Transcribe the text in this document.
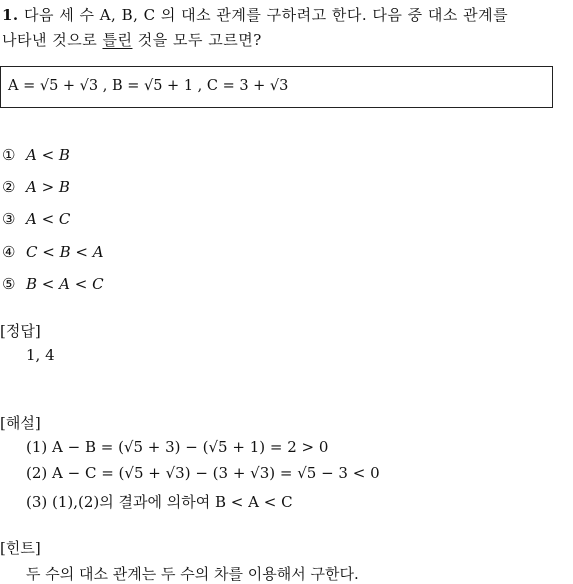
1. 다음 세 수 A, B, C 의 대소 관계를 구하려고 한다. 다음 중 대소 관계를
나타낸 것으로 틀린 것을 모두 고르면?
A = √5 + √3 , B = √5 + 1 , C = 3 + √3
① A < B
② A > B
③ A < C
④ C < B < A
⑤ B < A < C
[정답]
1, 4
[해설]
(1) A − B = (√5 + 3) − (√5 + 1) = 2 > 0
(2) A − C = (√5 + √3) − (3 + √3) = √5 − 3 < 0
(3) (1),(2)의 결과에 의하여 B < A < C
[힌트]
두 수의 대소 관계는 두 수의 차를 이용해서 구한다.
